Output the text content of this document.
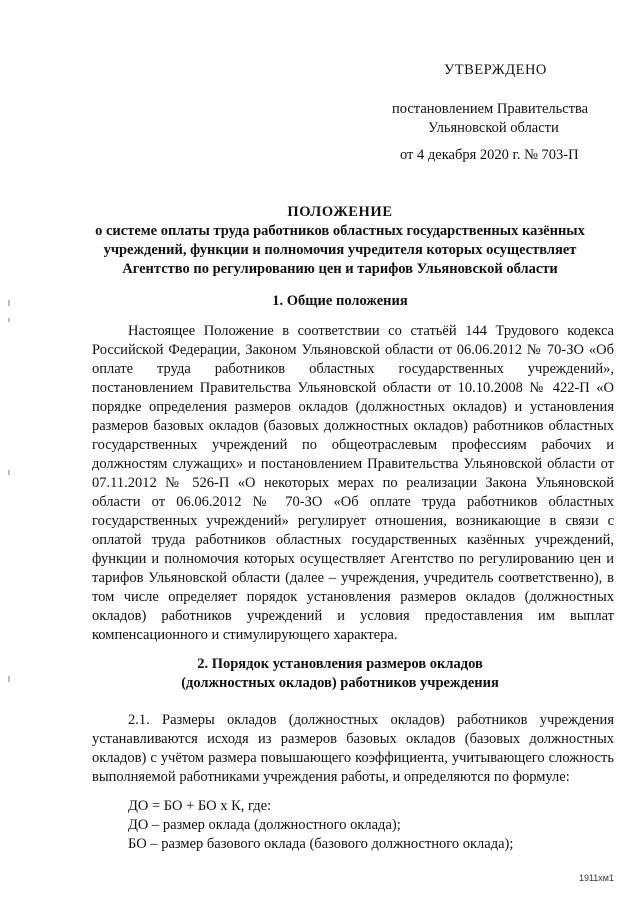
УТВЕРЖДЕНО
постановлением Правительства
Ульяновской области
от 4 декабря 2020 г. № 703-П
ПОЛОЖЕНИЕ
о системе оплаты труда работников областных государственных казённых
учреждений, функции и полномочия учредителя которых осуществляет
Агентство по регулированию цен и тарифов Ульяновской области
1. Общие положения

Настоящее Положение в соответствии со статьёй 144 Трудового кодекса Российской Федерации, Законом Ульяновской области от 06.06.2012 № 70-ЗО «Об оплате труда работников областных государственных учреждений», постановлением Правительства Ульяновской области от 10.10.2008 № 422-П «О порядке определения размеров окладов (должностных окладов) и установления размеров базовых окладов (базовых должностных окладов) работников областных государственных учреждений по общеотраслевым профессиям рабочих и должностям служащих» и постановлением Правительства Ульяновской области от 07.11.2012 № 526-П «О некоторых мерах по реализации Закона Ульяновской области от 06.06.2012 № 70-ЗО «Об оплате труда работников областных государственных учреждений» регулирует отношения, возникающие в связи с оплатой труда работников областных государственных казённых учреждений, функции и полномочия которых осуществляет Агентство по регулированию цен и тарифов Ульяновской области (далее – учреждения, учредитель соответственно), в том числе определяет порядок установления размеров окладов (должностных окладов) работников учреждений и условия предоставления им выплат компенсационного и стимулирующего характера.

2. Порядок установления размеров окладов
(должностных окладов) работников учреждения

2.1. Размеры окладов (должностных окладов) работников учреждения устанавливаются исходя из размеров базовых окладов (базовых должностных окладов) с учётом размера повышающего коэффициента, учитывающего сложность выполняемой работниками учреждения работы, и определяются по формуле:

ДО = БО + БО х К, где:
ДО – размер оклада (должностного оклада);
БО – размер базового оклада (базового должностного оклада);
1911хм1
